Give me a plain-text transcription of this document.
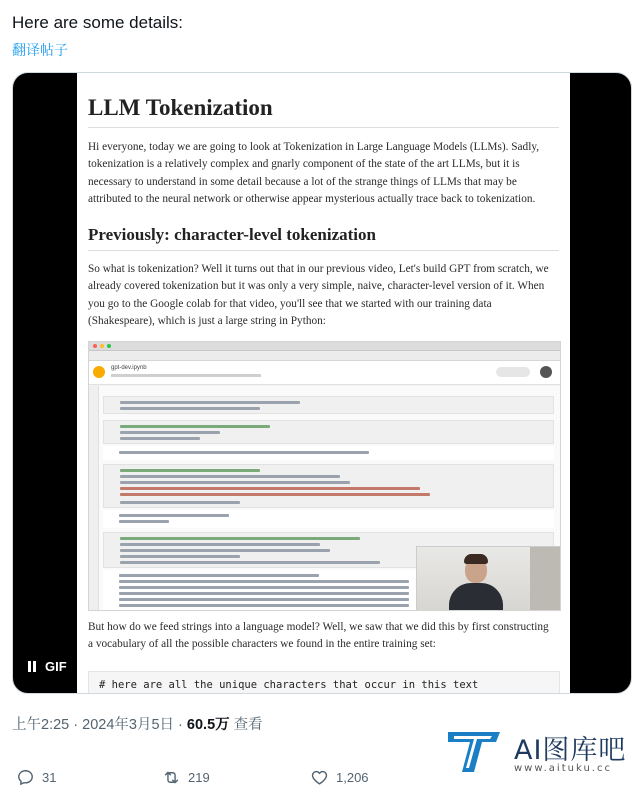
Here are some details:
翻译帖子
LLM Tokenization

Hi everyone, today we are going to look at Tokenization in Large Language Models (LLMs). Sadly, tokenization is a relatively complex and gnarly component of the state of the art LLMs, but it is necessary to understand in some detail because a lot of the strange things of LLMs that may be attributed to the neural network or otherwise appear mysterious actually trace back to tokenization.

Previously: character-level tokenization

So what is tokenization? Well it turns out that in our previous video, Let's build GPT from scratch, we already covered tokenization but it was only a very simple, naive, character-level version of it. When you go to the Google colab for that video, you'll see that we started with our training data (Shakespeare), which is just a large string in Python:

gpt-dev.ipynb

But how do we feed strings into a language model? Well, we saw that we did this by first constructing a vocabulary of all the possible characters we found in the entire training set:

# here are all the unique characters that occur in this text
GIF
上午2:25 · 2024年3月5日 · 60.5万 查看
31	219	1,206
AI图库吧
www.aituku.cc
